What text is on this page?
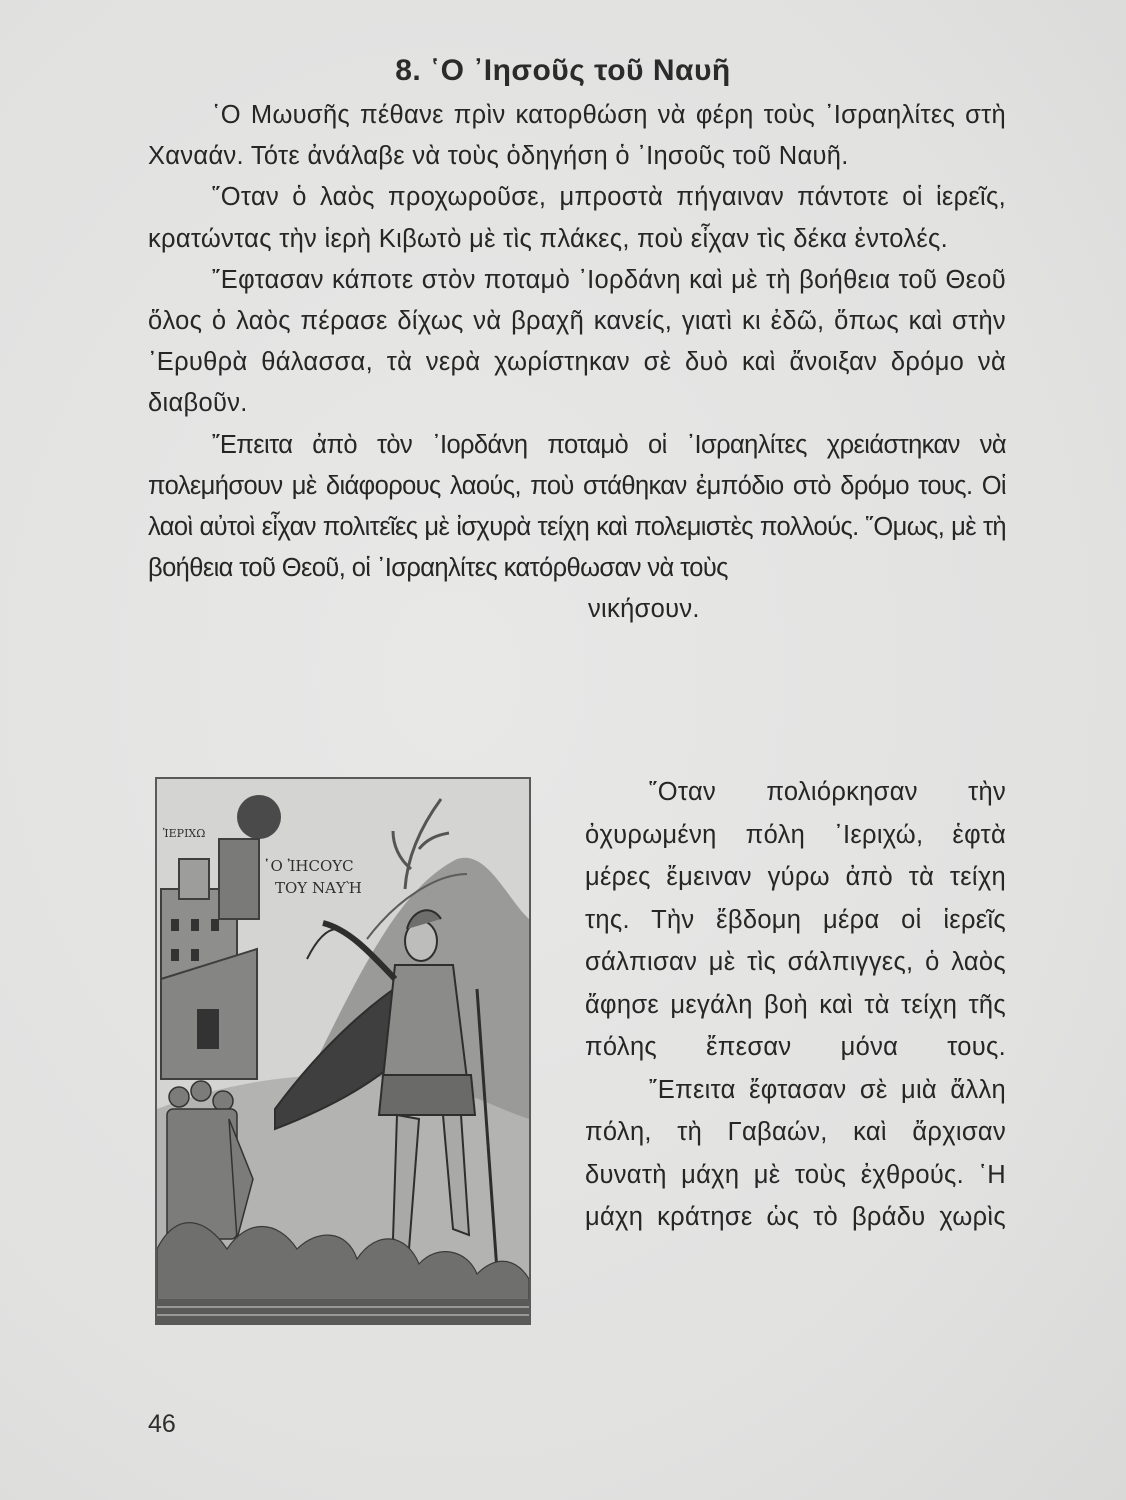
8. ῾Ο ᾿Ιησοῦς τοῦ Ναυῆ

῾Ο Μωυσῆς πέθανε πρὶν κατορθώση νὰ φέρη τοὺς ᾿Ισραηλίτες στὴ Χαναάν. Τότε ἀνάλαβε νὰ τοὺς ὁδηγήση ὁ ᾿Ιησοῦς τοῦ Ναυῆ.

῞Οταν ὁ λαὸς προχωροῦσε, μπροστὰ πήγαιναν πάντοτε οἱ ἱερεῖς, κρατώντας τὴν ἱερὴ Κιβωτὸ μὲ τὶς πλάκες, ποὺ εἶχαν τὶς δέκα ἐντολές.

῎Εφτασαν κάποτε στὸν ποταμὸ ᾿Ιορδάνη καὶ μὲ τὴ βοήθεια τοῦ Θεοῦ ὅλος ὁ λαὸς πέρασε δίχως νὰ βραχῆ κανείς, γιατὶ κι ἐδῶ, ὅπως καὶ στὴν ᾿Ερυθρὰ θάλασσα, τὰ νερὰ χωρίστηκαν σὲ δυὸ καὶ ἄνοιξαν δρόμο νὰ διαβοῦν.

῎Επειτα ἀπὸ τὸν ᾿Ιορδάνη ποταμὸ οἱ ᾿Ισραηλίτες χρειάστηκαν νὰ πολεμήσουν μὲ διάφορους λαούς, ποὺ στάθηκαν ἐμπόδιο στὸ δρόμο τους. Οἱ λαοὶ αὐτοὶ εἶχαν πολιτεῖες μὲ ἰσχυρὰ τείχη καὶ πολεμιστὲς πολλούς. ῞Ομως, μὲ τὴ βοήθεια τοῦ Θεοῦ, οἱ ᾿Ισραηλίτες κατόρθωσαν νὰ τοὺς

νικήσουν.

῾Ο ἸΗϹΟΥϹ
ΤΟΥ ΝΑΥῊ
ἹΕΡΙΧΩ

῞Οταν πολιόρκησαν τὴν ὀχυρωμένη πόλη ᾿Ιεριχώ, ἑφτὰ μέρες ἔμειναν γύρω ἀπὸ τὰ τείχη της. Τὴν ἔβδομη μέρα οἱ ἱερεῖς σάλπισαν μὲ τὶς σάλπιγγες, ὁ λαὸς ἄφησε μεγάλη βοὴ καὶ τὰ τείχη τῆς πόλης ἔπεσαν μόνα τους.

῎Επειτα ἔφτασαν σὲ μιὰ ἄλλη πόλη, τὴ Γαβαών, καὶ ἄρχισαν δυνατὴ μάχη μὲ τοὺς ἐχθρούς. ῾Η μάχη κράτησε ὡς τὸ βράδυ χωρὶς

46
